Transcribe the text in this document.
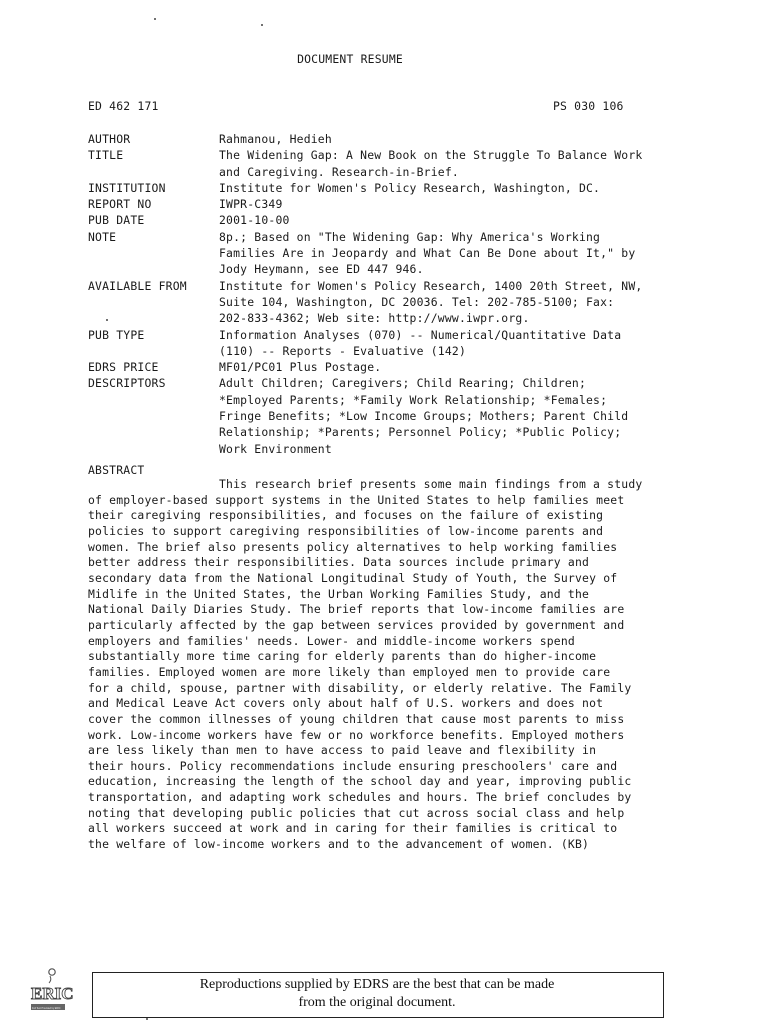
DOCUMENT RESUME
ED 462 171	PS 030 106
AUTHOR	Rahmanou, Hedieh
TITLE	The Widening Gap: A New Book on the Struggle To Balance Work
and Caregiving. Research-in-Brief.
INSTITUTION	Institute for Women's Policy Research, Washington, DC.
REPORT NO	IWPR-C349
PUB DATE	2001-10-00
NOTE	8p.; Based on "The Widening Gap: Why America's Working
Families Are in Jeopardy and What Can Be Done about It," by
Jody Heymann, see ED 447 946.
AVAILABLE FROM	Institute for Women's Policy Research, 1400 20th Street, NW,
Suite 104, Washington, DC 20036. Tel: 202-785-5100; Fax:
202-833-4362; Web site: http://www.iwpr.org.
PUB TYPE	Information Analyses (070) -- Numerical/Quantitative Data
(110) -- Reports - Evaluative (142)
EDRS PRICE	MF01/PC01 Plus Postage.
DESCRIPTORS	Adult Children; Caregivers; Child Rearing; Children;
*Employed Parents; *Family Work Relationship; *Females;
Fringe Benefits; *Low Income Groups; Mothers; Parent Child
Relationship; *Parents; Personnel Policy; *Public Policy;
Work Environment
ABSTRACT
This research brief presents some main findings from a study
of employer-based support systems in the United States to help families meet
their caregiving responsibilities, and focuses on the failure of existing
policies to support caregiving responsibilities of low-income parents and
women. The brief also presents policy alternatives to help working families
better address their responsibilities. Data sources include primary and
secondary data from the National Longitudinal Study of Youth, the Survey of
Midlife in the United States, the Urban Working Families Study, and the
National Daily Diaries Study. The brief reports that low-income families are
particularly affected by the gap between services provided by government and
employers and families' needs. Lower- and middle-income workers spend
substantially more time caring for elderly parents than do higher-income
families. Employed women are more likely than employed men to provide care
for a child, spouse, partner with disability, or elderly relative. The Family
and Medical Leave Act covers only about half of U.S. workers and does not
cover the common illnesses of young children that cause most parents to miss
work. Low-income workers have few or no workforce benefits. Employed mothers
are less likely than men to have access to paid leave and flexibility in
their hours. Policy recommendations include ensuring preschoolers' care and
education, increasing the length of the school day and year, improving public
transportation, and adapting work schedules and hours. The brief concludes by
noting that developing public policies that cut across social class and help
all workers succeed at work and in caring for their families is critical to
the welfare of low-income workers and to the advancement of women. (KB)
ERIC
Full Text Provided by ERIC
Reproductions supplied by EDRS are the best that can be made
from the original document.
